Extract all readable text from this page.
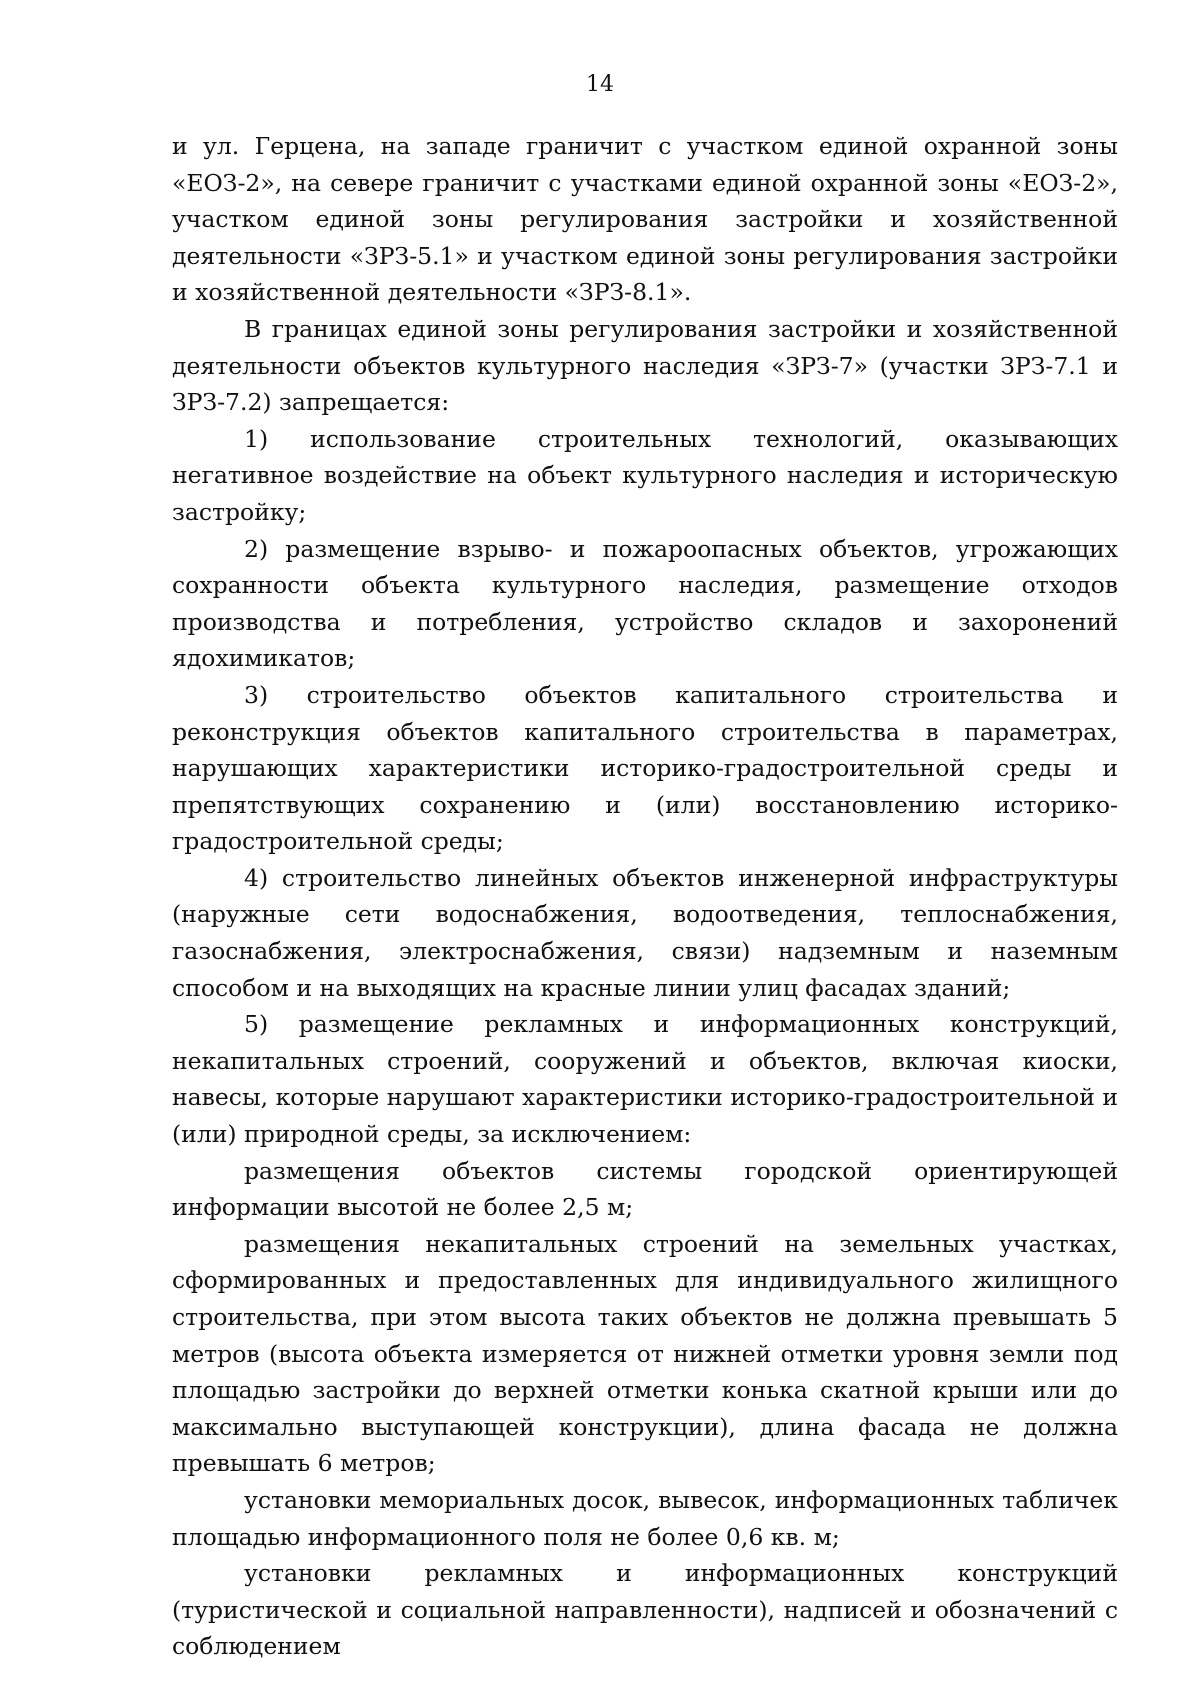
14

и ул. Герцена, на западе граничит с участком единой охранной зоны «ЕОЗ-2», на севере граничит с участками единой охранной зоны «ЕОЗ-2», участком единой зоны регулирования застройки и хозяйственной деятельности «ЗРЗ-5.1» и участком единой зоны регулирования застройки и хозяйственной деятельности «ЗРЗ-8.1».

В границах единой зоны регулирования застройки и хозяйственной деятельности объектов культурного наследия «ЗРЗ-7» (участки ЗРЗ-7.1 и ЗРЗ-7.2) запрещается:

1) использование строительных технологий, оказывающих негативное воздействие на объект культурного наследия и историческую застройку;

2) размещение взрыво- и пожароопасных объектов, угрожающих сохранности объекта культурного наследия, размещение отходов производства и потребления, устройство складов и захоронений ядохимикатов;

3) строительство объектов капитального строительства и реконструкция объектов капитального строительства в параметрах, нарушающих характеристики историко-градостроительной среды и препятствующих сохранению и (или) восстановлению историко-градостроительной среды;

4) строительство линейных объектов инженерной инфраструктуры (наружные сети водоснабжения, водоотведения, теплоснабжения, газоснабжения, электроснабжения, связи) надземным и наземным способом и на выходящих на красные линии улиц фасадах зданий;

5) размещение рекламных и информационных конструкций, некапитальных строений, сооружений и объектов, включая киоски, навесы, которые нарушают характеристики историко-градостроительной и (или) природной среды, за исключением:

размещения объектов системы городской ориентирующей информации высотой не более 2,5 м;

размещения некапитальных строений на земельных участках, сформированных и предоставленных для индивидуального жилищного строительства, при этом высота таких объектов не должна превышать 5 метров (высота объекта измеряется от нижней отметки уровня земли под площадью застройки до верхней отметки конька скатной крыши или до максимально выступающей конструкции), длина фасада не должна превышать 6 метров;

установки мемориальных досок, вывесок, информационных табличек площадью информационного поля не более 0,6 кв. м;

установки рекламных и информационных конструкций (туристической и социальной направленности), надписей и обозначений с соблюдением
